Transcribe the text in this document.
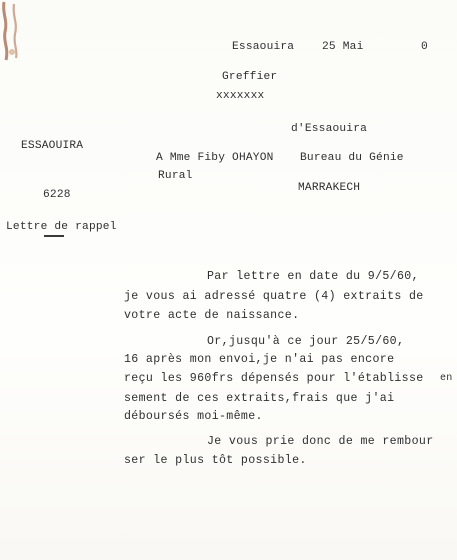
Essaouira 25 Mai	0
Greffier
xxxxxxx
d'Essaouira
ESSAOUIRA
6228
Lettre de rappel
A Mme Fiby OHAYON Bureau du Génie
Rural
MARRAKECH
Par lettre en date du 9/5/60,
je vous ai adressé quatre (4) extraits de
votre acte de naissance.
Or,jusqu'à ce jour 25/5/60,
16 après mon envoi,je n'ai pas encore
reçu les 960frs dépensés pour l'établisse en
sement de ces extraits,frais que j'ai
déboursés moi-même.
Je vous prie donc de me rembour
ser le plus tôt possible.
